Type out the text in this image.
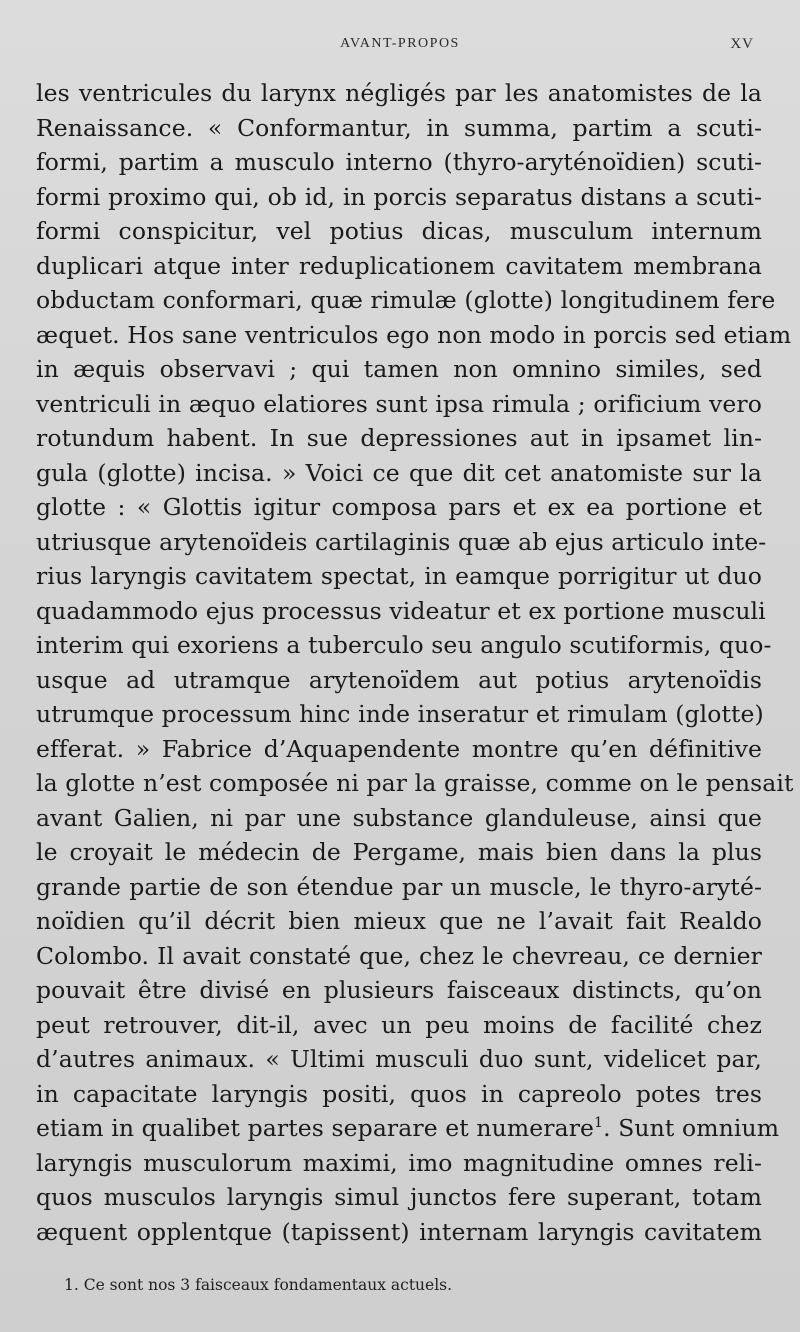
AVANT-PROPOS	XV
les ventricules du larynx négligés par les anatomistes de la
Renaissance. « Conformantur, in summa, partim a scuti-
formi, partim a musculo interno (thyro-aryténoïdien) scuti-
formi proximo qui, ob id, in porcis separatus distans a scuti-
formi conspicitur, vel potius dicas, musculum internum
duplicari atque inter reduplicationem cavitatem membrana
obductam conformari, quæ rimulæ (glotte) longitudinem fere
æquet. Hos sane ventriculos ego non modo in porcis sed etiam
in æquis observavi ; qui tamen non omnino similes, sed
ventriculi in æquo elatiores sunt ipsa rimula ; orificium vero
rotundum habent. In sue depressiones aut in ipsamet lin-
gula (glotte) incisa. » Voici ce que dit cet anatomiste sur la
glotte : « Glottis igitur composa pars et ex ea portione et
utriusque arytenoïdeis cartilaginis quæ ab ejus articulo inte-
rius laryngis cavitatem spectat, in eamque porrigitur ut duo
quadammodo ejus processus videatur et ex portione musculi
interim qui exoriens a tuberculo seu angulo scutiformis, quo-
usque ad utramque arytenoïdem aut potius arytenoïdis
utrumque processum hinc inde inseratur et rimulam (glotte)
efferat. » Fabrice d’Aquapendente montre qu’en définitive
la glotte n’est composée ni par la graisse, comme on le pensait
avant Galien, ni par une substance glanduleuse, ainsi que
le croyait le médecin de Pergame, mais bien dans la plus
grande partie de son étendue par un muscle, le thyro-aryté-
noïdien qu’il décrit bien mieux que ne l’avait fait Realdo
Colombo. Il avait constaté que, chez le chevreau, ce dernier
pouvait être divisé en plusieurs faisceaux distincts, qu’on
peut retrouver, dit-il, avec un peu moins de facilité chez
d’autres animaux. « Ultimi musculi duo sunt, videlicet par,
in capacitate laryngis positi, quos in capreolo potes tres
etiam in qualibet partes separare et numerare$^1$. Sunt omnium
laryngis musculorum maximi, imo magnitudine omnes reli-
quos musculos laryngis simul junctos fere superant, totam
æquent opplentque (tapissent) internam laryngis cavitatem
1. Ce sont nos 3 faisceaux fondamentaux actuels.
